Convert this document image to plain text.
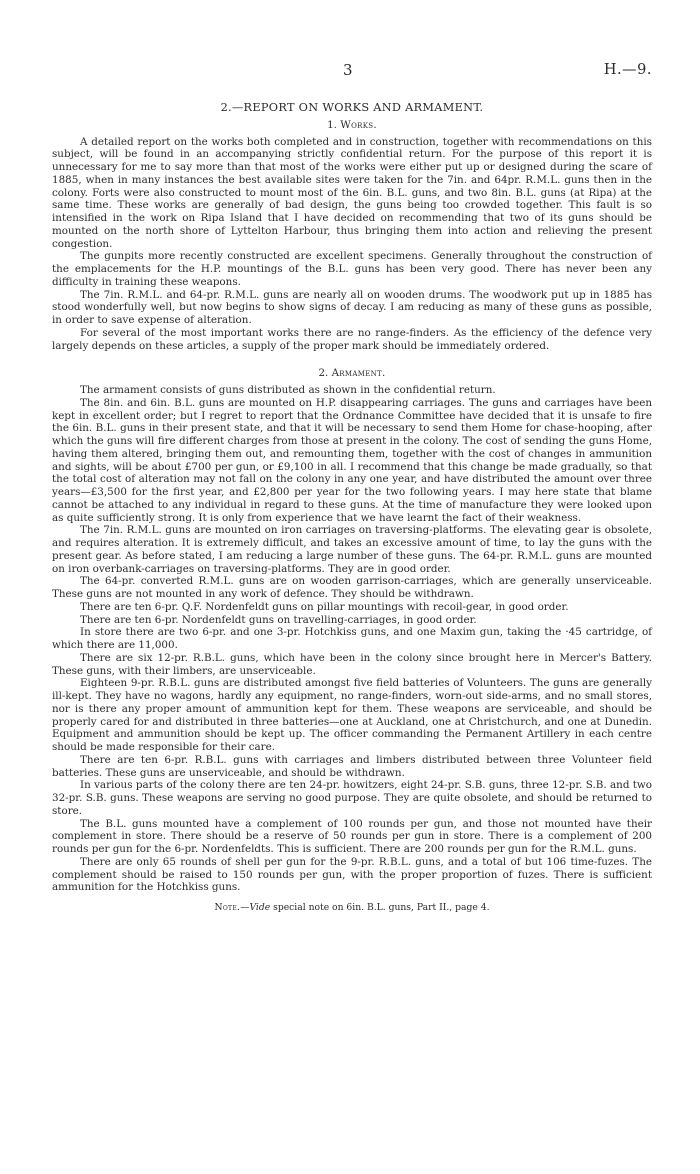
3	H.—9.
2.—REPORT ON WORKS AND ARMAMENT.
1. Works.

A detailed report on the works both completed and in construction, together with recommendations on this subject, will be found in an accompanying strictly confidential return. For the purpose of this report it is unnecessary for me to say more than that most of the works were either put up or designed during the scare of 1885, when in many instances the best available sites were taken for the 7in. and 64pr. R.M.L. guns then in the colony. Forts were also constructed to mount most of the 6in. B.L. guns, and two 8in. B.L. guns (at Ripa) at the same time. These works are generally of bad design, the guns being too crowded together. This fault is so intensified in the work on Ripa Island that I have decided on recommending that two of its guns should be mounted on the north shore of Lyttelton Harbour, thus bringing them into action and relieving the present congestion.

The gunpits more recently constructed are excellent specimens. Generally throughout the construction of the emplacements for the H.P. mountings of the B.L. guns has been very good. There has never been any difficulty in training these weapons.

The 7in. R.M.L. and 64-pr. R.M.L. guns are nearly all on wooden drums. The woodwork put up in 1885 has stood wonderfully well, but now begins to show signs of decay. I am reducing as many of these guns as possible, in order to save expense of alteration.

For several of the most important works there are no range-finders. As the efficiency of the defence very largely depends on these articles, a supply of the proper mark should be immediately ordered.

2. Armament.

The armament consists of guns distributed as shown in the confidential return.

The 8in. and 6in. B.L. guns are mounted on H.P. disappearing carriages. The guns and carriages have been kept in excellent order; but I regret to report that the Ordnance Committee have decided that it is unsafe to fire the 6in. B.L. guns in their present state, and that it will be necessary to send them Home for chase-hooping, after which the guns will fire different charges from those at present in the colony. The cost of sending the guns Home, having them altered, bringing them out, and remounting them, together with the cost of changes in ammunition and sights, will be about £700 per gun, or £9,100 in all. I recommend that this change be made gradually, so that the total cost of alteration may not fall on the colony in any one year, and have distributed the amount over three years—£3,500 for the first year, and £2,800 per year for the two following years. I may here state that blame cannot be attached to any individual in regard to these guns. At the time of manufacture they were looked upon as quite sufficiently strong. It is only from experience that we have learnt the fact of their weakness.

The 7in. R.M.L. guns are mounted on iron carriages on traversing-platforms. The elevating gear is obsolete, and requires alteration. It is extremely difficult, and takes an excessive amount of time, to lay the guns with the present gear. As before stated, I am reducing a large number of these guns. The 64-pr. R.M.L. guns are mounted on iron overbank-carriages on traversing-platforms. They are in good order.

The 64-pr. converted R.M.L. guns are on wooden garrison-carriages, which are generally unserviceable. These guns are not mounted in any work of defence. They should be withdrawn.

There are ten 6-pr. Q.F. Nordenfeldt guns on pillar mountings with recoil-gear, in good order.

There are ten 6-pr. Nordenfeldt guns on travelling-carriages, in good order.

In store there are two 6-pr. and one 3-pr. Hotchkiss guns, and one Maxim gun, taking the ·45 cartridge, of which there are 11,000.

There are six 12-pr. R.B.L. guns, which have been in the colony since brought here in Mercer's Battery. These guns, with their limbers, are unserviceable.

Eighteen 9-pr. R.B.L. guns are distributed amongst five field batteries of Volunteers. The guns are generally ill-kept. They have no wagons, hardly any equipment, no range-finders, worn-out side-arms, and no small stores, nor is there any proper amount of ammunition kept for them. These weapons are serviceable, and should be properly cared for and distributed in three batteries—one at Auckland, one at Christchurch, and one at Dunedin. Equipment and ammunition should be kept up. The officer commanding the Permanent Artillery in each centre should be made responsible for their care.

There are ten 6-pr. R.B.L. guns with carriages and limbers distributed between three Volunteer field batteries. These guns are unserviceable, and should be withdrawn.

In various parts of the colony there are ten 24-pr. howitzers, eight 24-pr. S.B. guns, three 12-pr. S.B. and two 32-pr. S.B. guns. These weapons are serving no good purpose. They are quite obsolete, and should be returned to store.

The B.L. guns mounted have a complement of 100 rounds per gun, and those not mounted have their complement in store. There should be a reserve of 50 rounds per gun in store. There is a complement of 200 rounds per gun for the 6-pr. Nordenfeldts. This is sufficient. There are 200 rounds per gun for the R.M.L. guns.

There are only 65 rounds of shell per gun for the 9-pr. R.B.L. guns, and a total of but 106 time-fuzes. The complement should be raised to 150 rounds per gun, with the proper proportion of fuzes. There is sufficient ammunition for the Hotchkiss guns.

Note.—Vide special note on 6in. B.L. guns, Part II., page 4.
